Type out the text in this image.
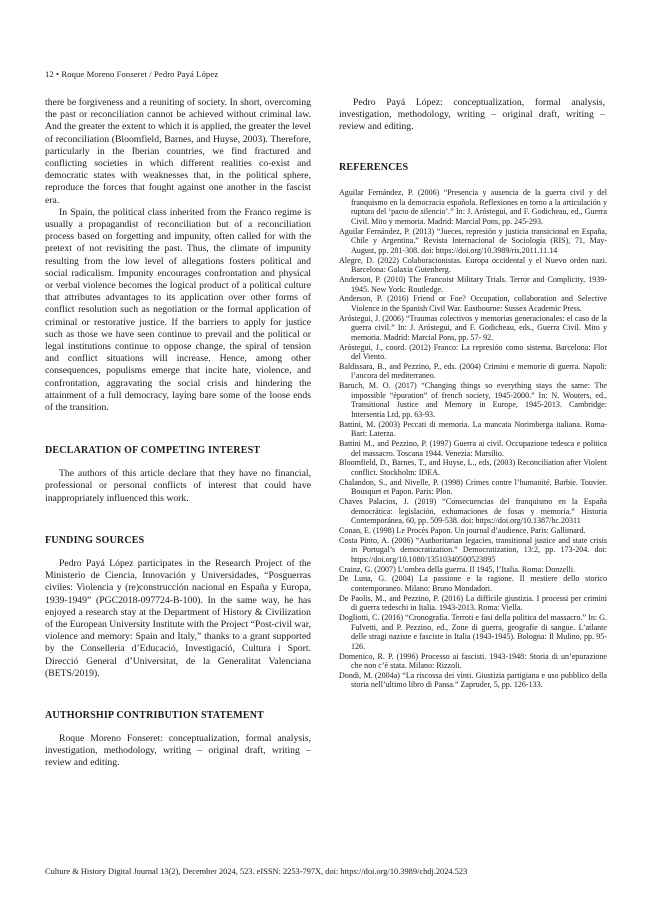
12 • Roque Moreno Fonseret / Pedro Payá López

there be forgiveness and a reuniting of society. In short, overcoming the past or reconciliation cannot be achieved without criminal law. And the greater the extent to which it is applied, the greater the level of reconciliation (Bloomfield, Barnes, and Huyse, 2003). Therefore, particularly in the Iberian countries, we find fractured and conflicting societies in which different realities co-exist and democratic states with weaknesses that, in the political sphere, reproduce the forces that fought against one another in the fascist era.

In Spain, the political class inherited from the Franco regime is usually a propagandist of reconciliation but of a reconciliation process based on forgetting and impunity, often called for with the pretext of not revisiting the past. Thus, the climate of impunity resulting from the low level of allegations fosters political and social radicalism. Impunity encourages confrontation and physical or verbal violence becomes the logical product of a political culture that attributes advantages to its application over other forms of conflict resolution such as negotiation or the formal application of criminal or restorative justice. If the barriers to apply for justice such as those we have seen continue to prevail and the political or legal institutions continue to oppose change, the spiral of tension and conflict situations will increase. Hence, among other consequences, populisms emerge that incite hate, violence, and confrontation, aggravating the social crisis and hindering the attainment of a full democracy, laying bare some of the loose ends of the transition.

DECLARATION OF COMPETING INTEREST

The authors of this article declare that they have no financial, professional or personal conflicts of interest that could have inappropriately influenced this work.

FUNDING SOURCES

Pedro Payá López participates in the Research Project of the Ministerio de Ciencia, Innovación y Universidades, “Posguerras civiles: Violencia y (re)construcción nacional en España y Europa, 1939-1949” (PGC2018-097724-B-100). In the same way, he has enjoyed a research stay at the Department of History & Civilization of the European University Institute with the Project “Post-civil war, violence and memory: Spain and Italy,” thanks to a grant supported by the Conselleria d’Educació, Investigació, Cultura i Sport. Direcció General d’Universitat, de la Generalitat Valenciana (BETS/2019).

AUTHORSHIP CONTRIBUTION STATEMENT

Roque Moreno Fonseret: conceptualization, formal analysis, investigation, methodology, writing – original draft, writing – review and editing.

Pedro Payá López: conceptualization, formal analysis, investigation, methodology, writing – original draft, writing – review and editing.

REFERENCES

Aguilar Fernández, P. (2006) “Presencia y ausencia de la guerra civil y del franquismo en la democracia española. Reflexiones en torno a la articulación y ruptura del ‘pacto de silencio’.” In: J. Aróstegui, and F. Godicheau, ed., Guerra Civil. Mito y memoria. Madrid: Marcial Pons, pp. 245-293.

Aguilar Fernández, P. (2013) “Jueces, represión y justicia transicional en España, Chile y Argentina.” Revista Internacional de Sociología (RIS), 71, May-August, pp. 281-308. doi: https://doi.org/10.3989/ris.2011.11.14

Alegre, D. (2022) Colaboracionistas. Europa occidental y el Nuevo orden nazi. Barcelona: Galaxia Gutenberg.

Anderson, P. (2010) The Francoist Military Trials. Terror and Complicity, 1939-1945. New York: Routledge.

Anderson, P. (2016) Friend or Foe? Occupation, collaboration and Selective Violence in the Spanish Civil War. Eastbourne: Sussex Academic Press.

Aróstegui, J. (2006) “Traumas colectivos y memorias generacionales: el caso de la guerra civil.” In: J. Aróstegui, and F. Godicheau, eds., Guerra Civil. Mito y memoria. Madrid: Marcial Pons, pp. 57- 92.

Aróstegui, J., coord. (2012) Franco: La represión como sistema. Barcelona: Flor del Viento.

Baldissara, B., and Pezzino, P., eds. (2004) Crimini e memorie di guerra. Napoli: l’ancora del mediterraneo.

Baruch, M. O. (2017) “Changing things so everything stays the same: The impossible “épuration” of french society, 1945-2000.” In: N. Wouters, ed., Transitional Justice and Memory in Europe, 1945-2013. Cambridge: Intersentia Ltd, pp. 63-93.

Battini, M. (2003) Peccati di memoria. La mancata Norimberga italiana. Roma-Bari: Laterza.

Battini M., and Pezzino, P. (1997) Guerra ai civil. Occupazione tedesca e politica del massacro. Toscana 1944. Venezia: Marsilio.

Bloomfield, D., Barnes, T., and Huyse, L., eds, (2003) Reconciliation after Violent conflict. Stockholm: IDEA.

Chalandon, S., and Nivelle, P. (1998) Crimes contre l’humanité. Barbie. Touvier. Bousquet et Papon. Paris: Plon.

Chaves Palacios, J. (2019) “Consecuencias del franquismo en la España democrática: legislación, exhumaciones de fosas y memoria.” Historia Contemporánea, 60, pp. 509-538. doi: https://doi.org/10.1387/hc.20311

Conan, E. (1998) Le Procès Papon. Un journal d’audience. Paris: Gallimard.

Costa Pinto, A. (2006) “Authoritarian legacies, transitional justice and state crisis in Portugal’s democratization.” Democratization, 13:2, pp. 173-204. doi: https://doi.org/10.1080/13510340500523895

Crainz, G. (2007) L’ombra della guerra. Il 1945, l’Italia. Roma: Donzelli.

De Luna, G. (2004) La passione e la ragione. Il mestiere dello storico contemporaneo. Milano: Bruno Mondadori.

De Paolis, M., and Pezzino, P. (2016) La difficile giustizia. I processi per crimini di guerra tedeschi in Italia. 1943-2013. Roma: Viella.

Dogliotti, C. (2016) “Cronografia. Terroti e fasi della politica del massacro.” In: G. Fulvetti, and P. Pezzino, ed., Zone di guerra, geografie di sangue. L’atlante delle stragi naziste e fasciste in Italia (1943-1945). Bologna: Il Mulino, pp. 95-126.

Domenico, R. P. (1996) Processo ai fascisti. 1943-1948: Storia di un’epurazione che non c’è stata. Milano: Rizzoli.

Dondi, M. (2004a) “La riscossa dei vinti. Giustizia partigiana e uso pubblico della storia nell’ultimo libro di Pansa.” Zapruder, 5, pp. 126-133.

Culture & History Digital Journal 13(2), December 2024, 523. eISSN: 2253-797X, doi: https://doi.org/10.3989/chdj.2024.523
